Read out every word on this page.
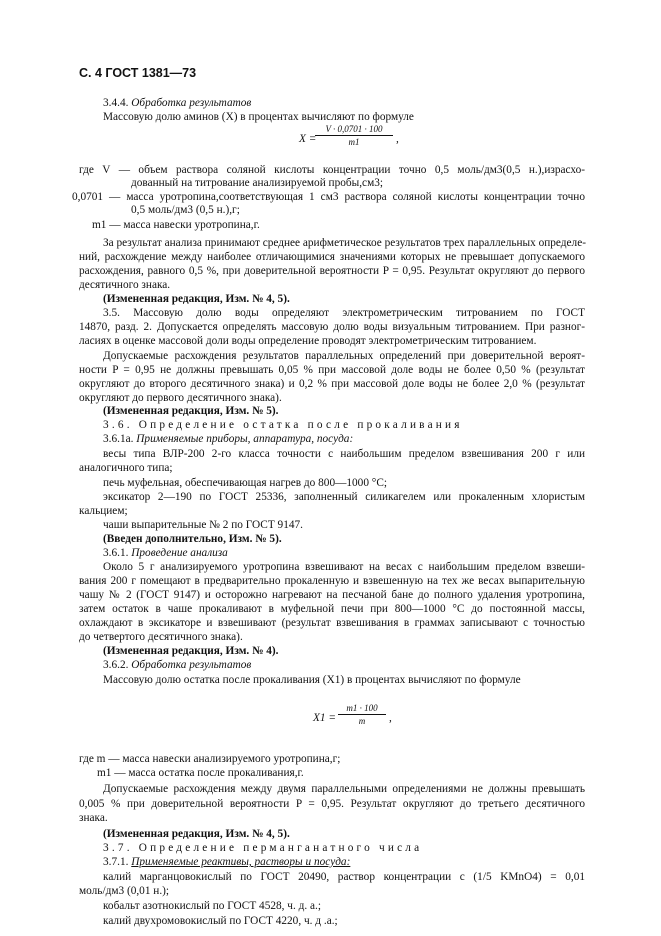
С. 4 ГОСТ 1381—73
3.4.4. Обработка результатов
Массовую долю аминов (X) в процентах вычисляют по формуле
X =
$\frac{V \cdot 0,0701 \cdot 100}{m1}$ ,
где V — объем раствора соляной кислоты концентрации точно 0,5 моль/дм3(0,5 н.),израсхо-
дованный на титрование анализируемой пробы,см3;
0,0701 — масса уротропина,соответствующая 1 см3 раствора соляной кислоты концентрации точно
0,5 моль/дм3 (0,5 н.),г;
m1 — масса навески уротропина,г.
За результат анализа принимают среднее арифметическое результатов трех параллельных определе-
ний, расхождение между наиболее отличающимися значениями которых не превышает допускаемого
расхождения, равного 0,5 %, при доверительной вероятности P = 0,95. Результат округляют до первого
десятичного знака.
(Измененная редакция, Изм. № 4, 5).
3.5. Массовую долю воды определяют электрометрическим титрованием по ГОСТ
14870, разд. 2. Допускается определять массовую долю воды визуальным титрованием. При разног-
ласиях в оценке массовой доли воды определение проводят электрометрическим титрованием.
Допускаемые расхождения результатов параллельных определений при доверительной вероят-
ности P = 0,95 не должны превышать 0,05 % при массовой доле воды не более 0,50 % (результат
округляют до второго десятичного знака) и 0,2 % при массовой доле воды не более 2,0 % (результат
округляют до первого десятичного знака).
(Измененная редакция, Изм. № 5).
3.6. Определение остатка после прокаливания
3.6.1а. Применяемые приборы, аппаратура, посуда:
весы типа ВЛР-200 2-го класса точности с наибольшим пределом взвешивания 200 г или
аналогичного типа;
печь муфельная, обеспечивающая нагрев до 800—1000 °С;
эксикатор 2—190 по ГОСТ 25336, заполненный силикагелем или прокаленным хлористым
кальцием;
чаши выпарительные № 2 по ГОСТ 9147.
(Введен дополнительно, Изм. № 5).
3.6.1. Проведение анализа
Около 5 г анализируемого уротропина взвешивают на весах с наибольшим пределом взвеши-
вания 200 г помещают в предварительно прокаленную и взвешенную на тех же весах выпарительную
чашу № 2 (ГОСТ 9147) и осторожно нагревают на песчаной бане до полного удаления уротропина,
затем остаток в чаше прокаливают в муфельной печи при 800—1000 °С до постоянной массы,
охлаждают в эксикаторе и взвешивают (результат взвешивания в граммах записывают с точностью
до четвертого десятичного знака).
(Измененная редакция, Изм. № 4).
3.6.2. Обработка результатов
Массовую долю остатка после прокаливания (X1) в процентах вычисляют по формуле
$X1 = \frac{m1 \cdot 100}{m}$ ,
где m — масса навески анализируемого уротропина,г;
m1 — масса остатка после прокаливания,г.
Допускаемые расхождения между двумя параллельными определениями не должны превышать
0,005 % при доверительной вероятности P = 0,95. Результат округляют до третьего десятичного
знака.
(Измененная редакция, Изм. № 4, 5).
3.7. Определение перманганатного числа
3.7.1. Применяемые реактивы, растворы и посуда:
калий марганцовокислый по ГОСТ 20490, раствор концентрации с (1/5 KMnO4) = 0,01
моль/дм3 (0,01 н.);
кобальт азотнокислый по ГОСТ 4528, ч. д. а.;
калий двухромовокислый по ГОСТ 4220, ч. д .а.;
